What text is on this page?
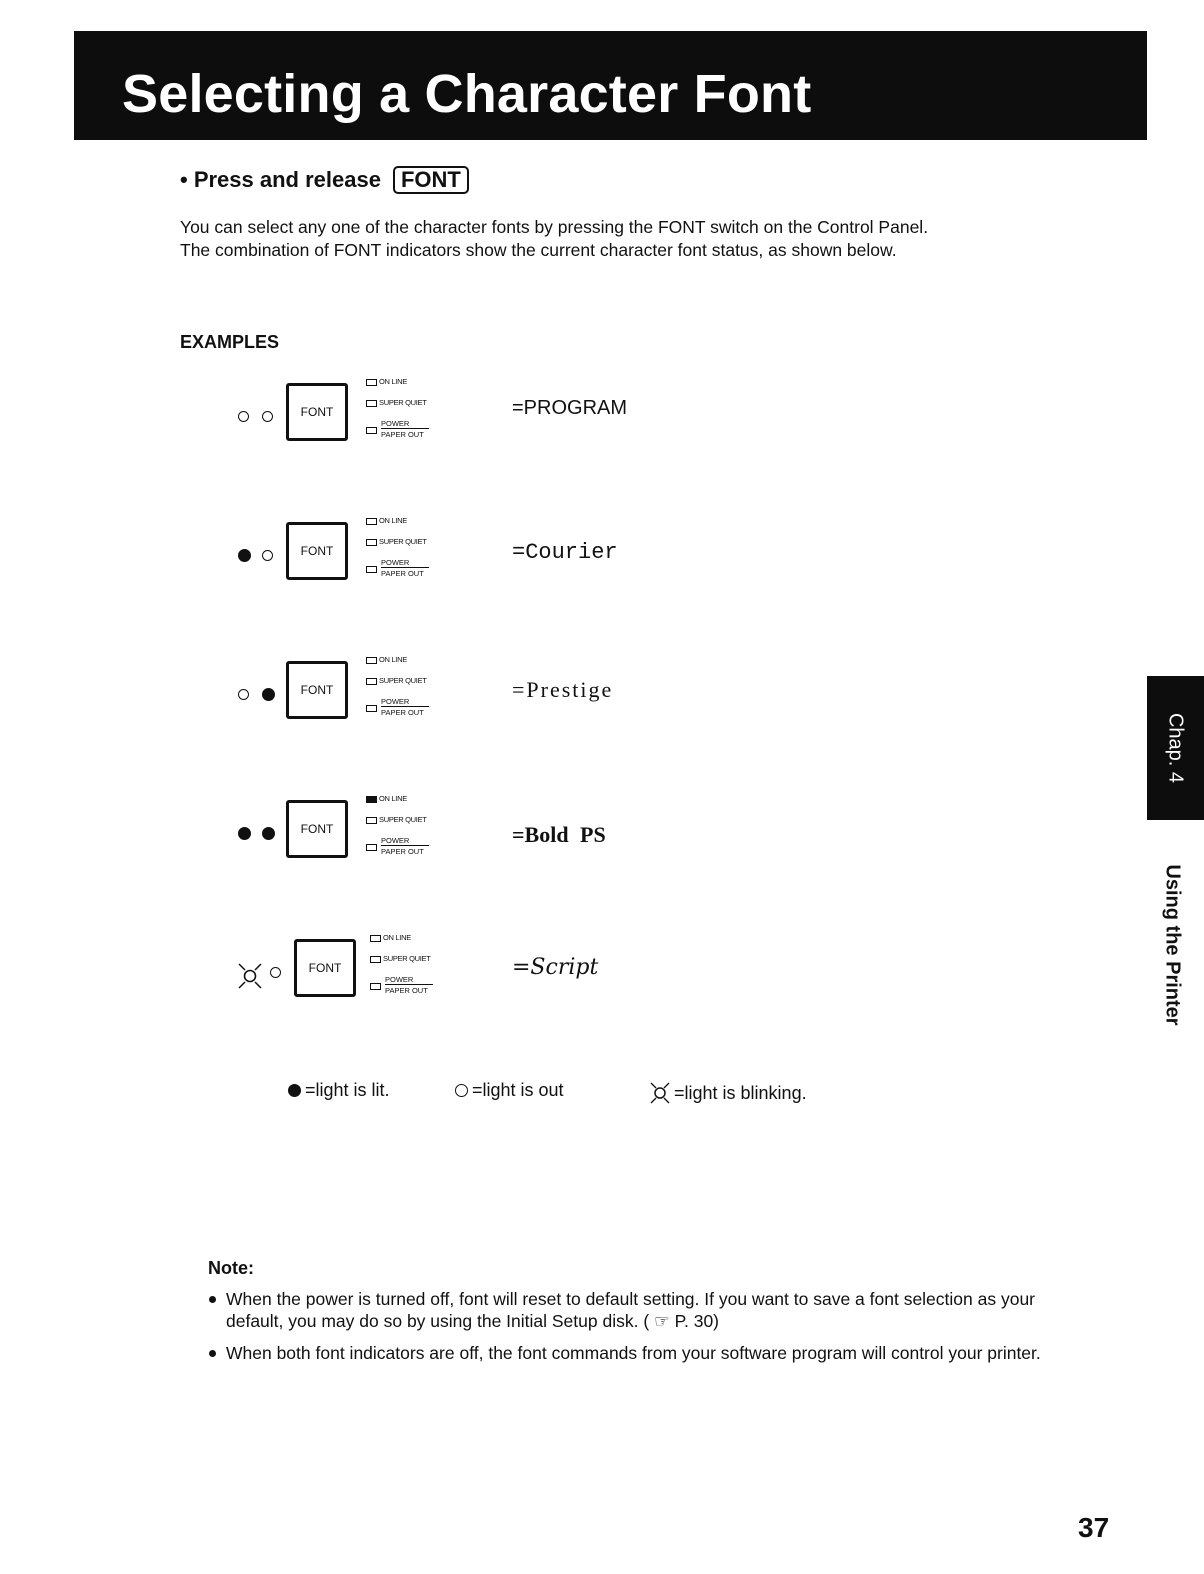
Selecting a Character Font
• Press and release FONT

You can select any one of the character fonts by pressing the FONT switch on the Control Panel.

The combination of FONT indicators show the current character font status, as shown below.

EXAMPLES
FONT
ON LINE
SUPER QUIET
POWER
PAPER OUT
=PROGRAM
FONT
ON LINE
SUPER QUIET
POWER
PAPER OUT
=Courier
FONT
ON LINE
SUPER QUIET
POWER
PAPER OUT
=Prestige
FONT
ON LINE
SUPER QUIET
POWER
PAPER OUT
=Bold PS
FONT
ON LINE
SUPER QUIET
POWER
PAPER OUT
=Script
=light is lit.	=light is out	=light is blinking.
Note:
When the power is turned off, font will reset to default setting. If you want to save a font selection as your default, you may do so by using the Initial Setup disk. ( ☞ P. 30)
When both font indicators are off, the font commands from your software program will control your printer.
Chap. 4
Using the Printer
37
